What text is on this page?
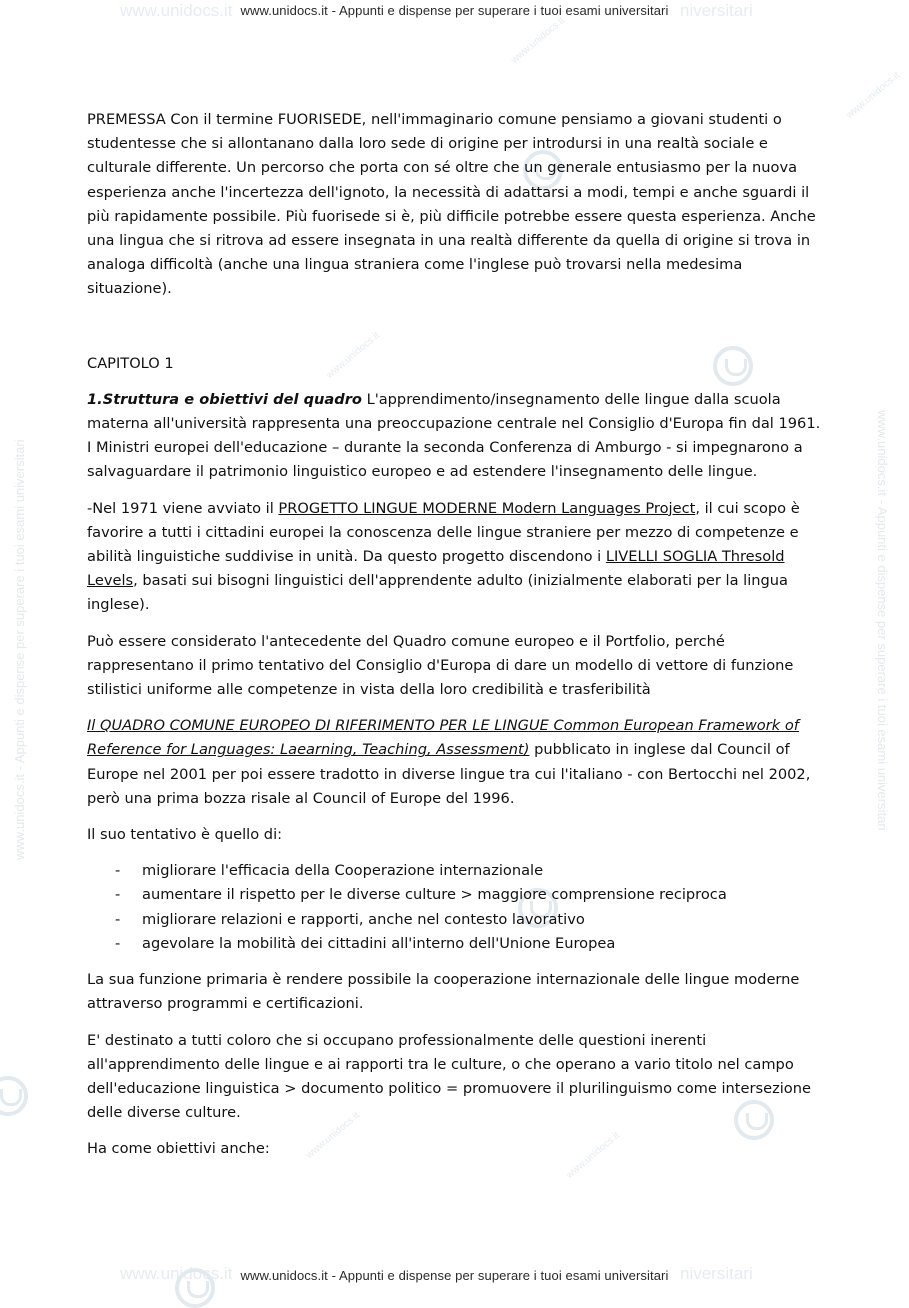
www.unidocs.it	niversitari
www.unidocs.it	niversitari
www.unidocs.it - Appunti e dispense per superare i tuoi esami universitari	www.unidocs.it - Appunti e dispense per superare i tuoi esami universitari
www.unidocs.it
www.unidocs.it
www.unidocs.it
www.unidocs.it	www.unidocs.it
www.unidocs.it - Appunti e dispense per superare i tuoi esami universitari
www.unidocs.it - Appunti e dispense per superare i tuoi esami universitari

PREMESSA Con il termine FUORISEDE, nell'immaginario comune pensiamo a giovani studenti o studentesse che si allontanano dalla loro sede di origine per introdursi in una realtà sociale e culturale differente. Un percorso che porta con sé oltre che un generale entusiasmo per la nuova esperienza anche l'incertezza dell'ignoto, la necessità di adattarsi a modi, tempi e anche sguardi il più rapidamente possibile. Più fuorisede si è, più difficile potrebbe essere questa esperienza. Anche una lingua che si ritrova ad essere insegnata in una realtà differente da quella di origine si trova in analoga difficoltà (anche una lingua straniera come l'inglese può trovarsi nella medesima situazione).

CAPITOLO 1

1.Struttura e obiettivi del quadro L'apprendimento/insegnamento delle lingue dalla scuola materna all'università rappresenta una preoccupazione centrale nel Consiglio d'Europa fin dal 1961. I Ministri europei dell'educazione – durante la seconda Conferenza di Amburgo - si impegnarono a salvaguardare il patrimonio linguistico europeo e ad estendere l'insegnamento delle lingue.

-Nel 1971 viene avviato il PROGETTO LINGUE MODERNE Modern Languages Project, il cui scopo è favorire a tutti i cittadini europei la conoscenza delle lingue straniere per mezzo di competenze e abilità linguistiche suddivise in unità. Da questo progetto discendono i LIVELLI SOGLIA Thresold Levels, basati sui bisogni linguistici dell'apprendente adulto (inizialmente elaborati per la lingua inglese).

Può essere considerato l'antecedente del Quadro comune europeo e il Portfolio, perché rappresentano il primo tentativo del Consiglio d'Europa di dare un modello di vettore di funzione stilistici uniforme alle competenze in vista della loro credibilità e trasferibilità

Il QUADRO COMUNE EUROPEO DI RIFERIMENTO PER LE LINGUE Common European Framework of Reference for Languages: Laearning, Teaching, Assessment) pubblicato in inglese dal Council of Europe nel 2001 per poi essere tradotto in diverse lingue tra cui l'italiano - con Bertocchi nel 2002, però una prima bozza risale al Council of Europe del 1996.

Il suo tentativo è quello di:

- migliorare l'efficacia della Cooperazione internazionale
- aumentare il rispetto per le diverse culture > maggiore comprensione reciproca
- migliorare relazioni e rapporti, anche nel contesto lavorativo
- agevolare la mobilità dei cittadini all'interno dell'Unione Europea

La sua funzione primaria è rendere possibile la cooperazione internazionale delle lingue moderne attraverso programmi e certificazioni.

E' destinato a tutti coloro che si occupano professionalmente delle questioni inerenti all'apprendimento delle lingue e ai rapporti tra le culture, o che operano a vario titolo nel campo dell'educazione linguistica > documento politico = promuovere il plurilinguismo come intersezione delle diverse culture.

Ha come obiettivi anche:
